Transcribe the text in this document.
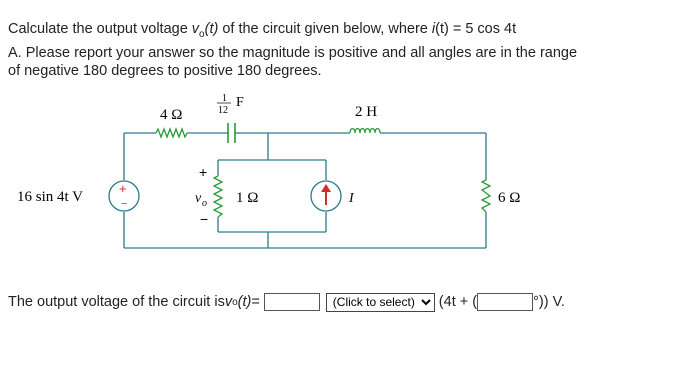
Calculate the output voltage $v_o(t)$ of the circuit given below, where i(t) = 5 cos 4t
A. Please report your answer so the magnitude is positive and all angles are in the range
of negative 180 degrees to positive 180 degrees.
4 Ω
1
12
F
2 H
16 sin 4t V
+
−
+
v o
−
1 Ω	I	6 Ω
The output voltage of the circuit is v o (t) =
(Click to select)	(4t + (	°)) V.
